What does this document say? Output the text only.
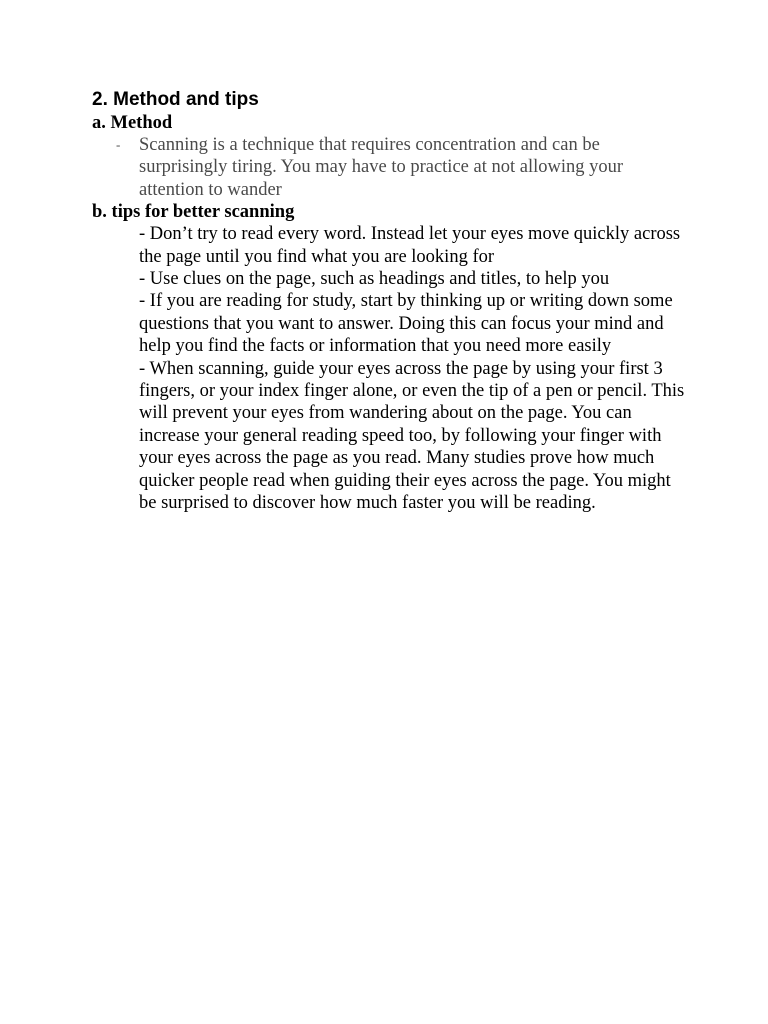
2. Method and tips
a. Method
- Scanning is a technique that requires concentration and can be surprisingly tiring. You may have to practice at not allowing your attention to wander
b. tips for better scanning

- Don’t try to read every word. Instead let your eyes move quickly across the page until you find what you are looking for

- Use clues on the page, such as headings and titles, to help you

- If you are reading for study, start by thinking up or writing down some questions that you want to answer. Doing this can focus your mind and help you find the facts or information that you need more easily

- When scanning, guide your eyes across the page by using your first 3 fingers, or your index finger alone, or even the tip of a pen or pencil. This will prevent your eyes from wandering about on the page. You can increase your general reading speed too, by following your finger with your eyes across the page as you read. Many studies prove how much quicker people read when guiding their eyes across the page. You might be surprised to discover how much faster you will be reading.
